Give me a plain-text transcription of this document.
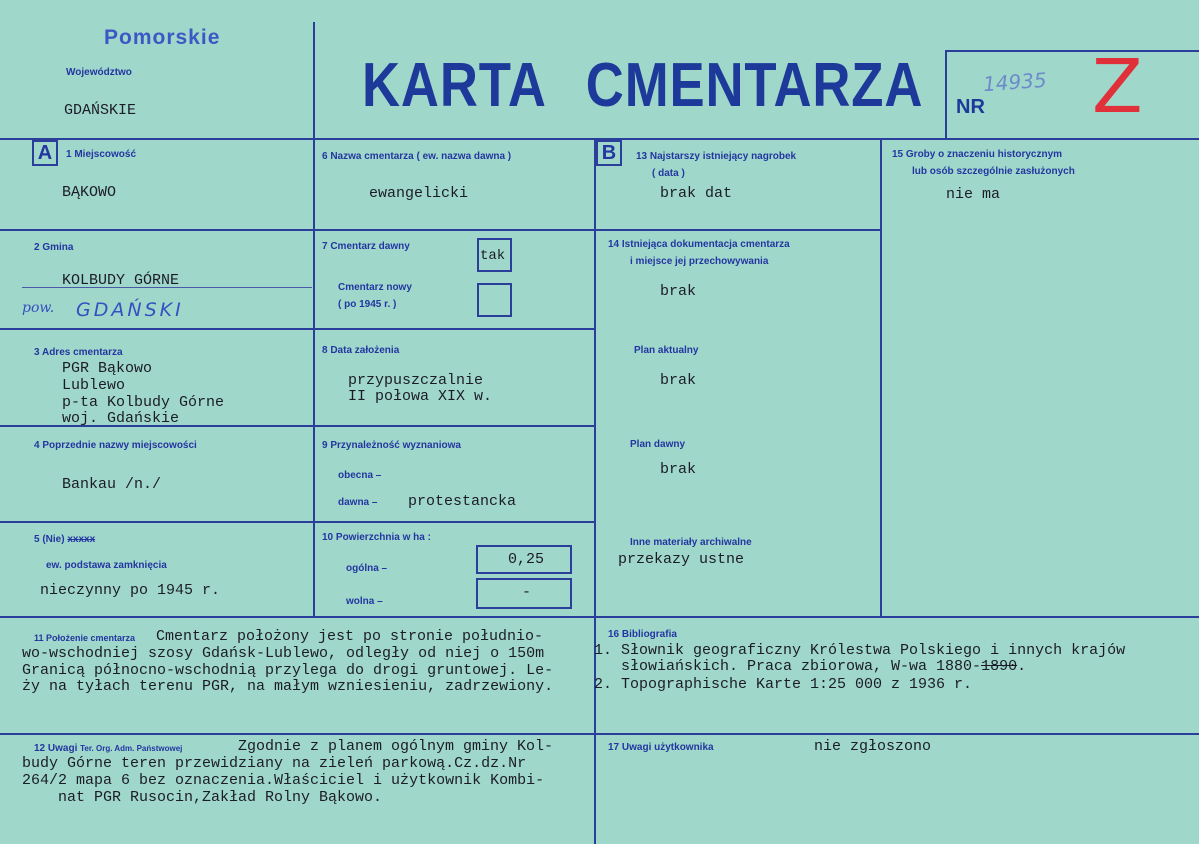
Pomorskie
Województwo
GDAŃSKIE	KARTA CMENTARZA	14935
NR Z
A	B
1 Miejscowość
BĄKOWO
2 Gmina
KOLBUDY GÓRNE
pow. GDAŃSKI
3 Adres cmentarza
PGR Bąkowo
Lublewo
p-ta Kolbudy Górne
woj. Gdańskie
4 Poprzednie nazwy miejscowości
Bankau /n./
5 (Nie) xxxxx
ew. podstawa zamknięcia
nieczynny po 1945 r.
6 Nazwa cmentarza ( ew. nazwa dawna )
ewangelicki
7 Cmentarz dawny
tak
Cmentarz nowy
( po 1945 r. )
8 Data założenia
przypuszczalnie
II połowa XIX w.
9 Przynależność wyznaniowa
obecna –
dawna – protestancka
10 Powierzchnia w ha :
ogólna –
0,25
wolna –
-
13 Najstarszy istniejący nagrobek
( data )
brak dat
14 Istniejąca dokumentacja cmentarza
i miejsce jej przechowywania
brak
Plan aktualny
brak
Plan dawny
brak
Inne materiały archiwalne
przekazy ustne
15 Groby o znaczeniu historycznym
lub osób szczególnie zasłużonych
nie ma
11 Położenie cmentarza Cmentarz położony jest po stronie południo-
wo-wschodniej szosy Gdańsk-Lublewo, odległy od niej o 150m
Granicą północno-wschodnią przylega do drogi gruntowej. Le-
ży na tyłach terenu PGR, na małym wzniesieniu, zadrzewiony.
16 Bibliografia
1. Słownik geograficzny Królestwa Polskiego i innych krajów
słowiańskich. Praca zbiorowa, W-wa 1880-1890.
2. Topographische Karte 1:25 000 z 1936 r.
12 Uwagi Ter. Org. Adm. Państwowej	Zgodnie z planem ogólnym gminy Kol-
budy Górne teren przewidziany na zieleń parkową.Cz.dz.Nr
264/2 mapa 6 bez oznaczenia.Właściciel i użytkownik Kombi-
nat PGR Rusocin,Zakład Rolny Bąkowo.
17 Uwagi użytkownika	nie zgłoszono
